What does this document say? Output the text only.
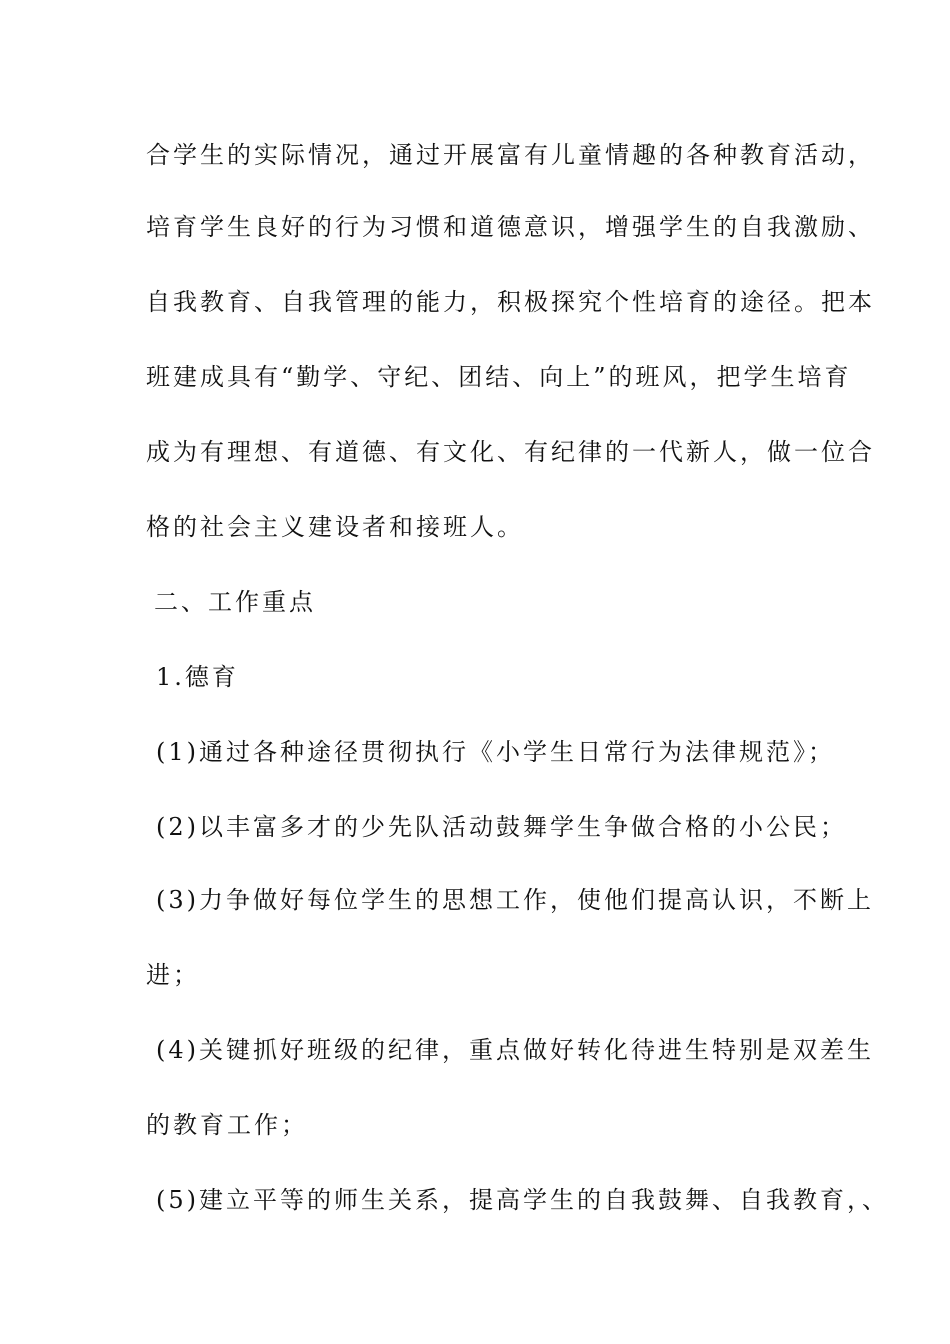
合学生的实际情况，通过开展富有儿童情趣的各种教育活动，
培育学生良好的行为习惯和道德意识，增强学生的自我激励、
自我教育、自我管理的能力，积极探究个性培育的途径。把本
班建成具有“勤学、守纪、团结、向上”的班风，把学生培育
成为有理想、有道德、有文化、有纪律的一代新人，做一位合
格的社会主义建设者和接班人。
二、工作重点
1.德育
(1)通过各种途径贯彻执行《小学生日常行为法律规范》；
(2)以丰富多才的少先队活动鼓舞学生争做合格的小公民；
(3)力争做好每位学生的思想工作，使他们提高认识，不断上
进；
(4)关键抓好班级的纪律，重点做好转化待进生特别是双差生
的教育工作；
(5)建立平等的师生关系，提高学生的自我鼓舞、自我教育，、
